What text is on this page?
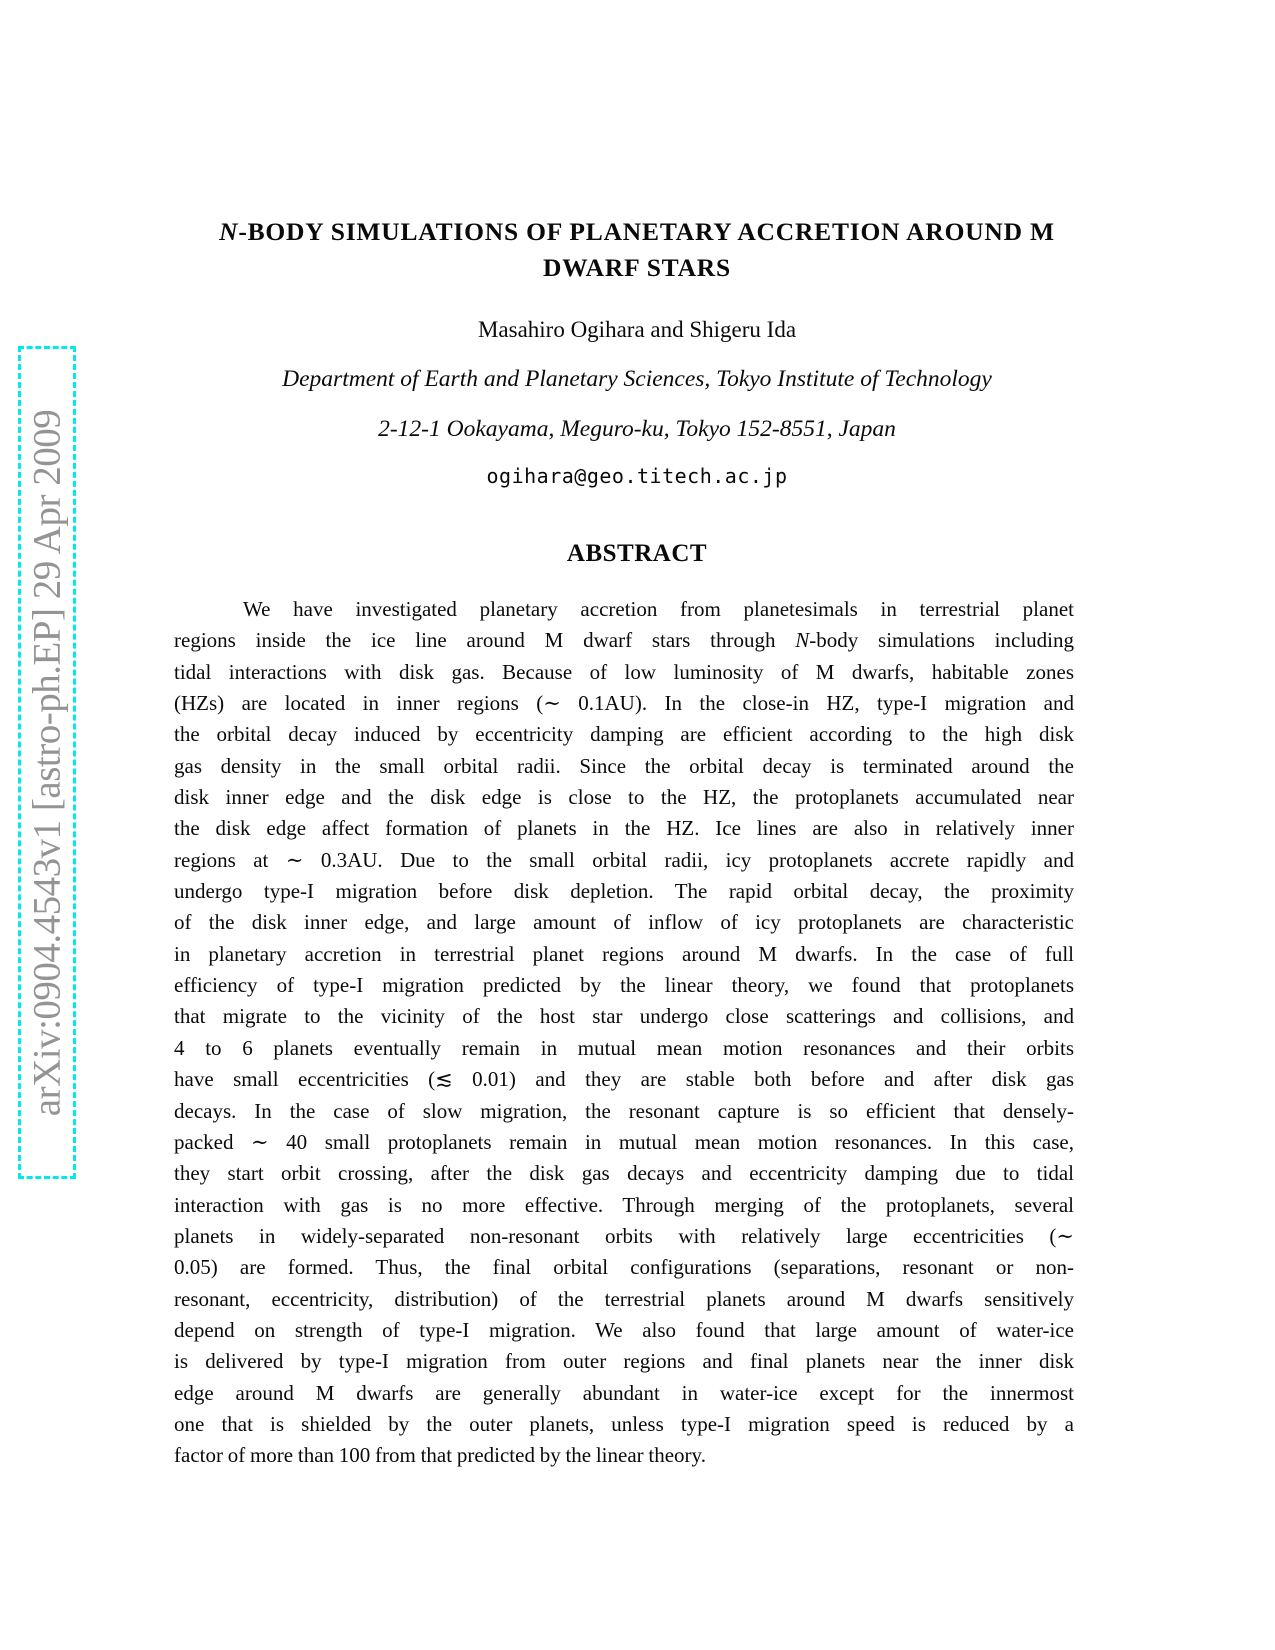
arXiv:0904.4543v1 [astro-ph.EP] 29 Apr 2009
N-BODY SIMULATIONS OF PLANETARY ACCRETION AROUND M
DWARF STARS
Masahiro Ogihara and Shigeru Ida
Department of Earth and Planetary Sciences, Tokyo Institute of Technology
2-12-1 Ookayama, Meguro-ku, Tokyo 152-8551, Japan
ogihara@geo.titech.ac.jp
ABSTRACT
We have investigated planetary accretion from planetesimals in terrestrial planet
regions inside the ice line around M dwarf stars through N-body simulations including
tidal interactions with disk gas. Because of low luminosity of M dwarfs, habitable zones
(HZs) are located in inner regions (∼ 0.1AU). In the close-in HZ, type-I migration and
the orbital decay induced by eccentricity damping are efficient according to the high disk
gas density in the small orbital radii. Since the orbital decay is terminated around the
disk inner edge and the disk edge is close to the HZ, the protoplanets accumulated near
the disk edge affect formation of planets in the HZ. Ice lines are also in relatively inner
regions at ∼ 0.3AU. Due to the small orbital radii, icy protoplanets accrete rapidly and
undergo type-I migration before disk depletion. The rapid orbital decay, the proximity
of the disk inner edge, and large amount of inflow of icy protoplanets are characteristic
in planetary accretion in terrestrial planet regions around M dwarfs. In the case of full
efficiency of type-I migration predicted by the linear theory, we found that protoplanets
that migrate to the vicinity of the host star undergo close scatterings and collisions, and
4 to 6 planets eventually remain in mutual mean motion resonances and their orbits
have small eccentricities (≲ 0.01) and they are stable both before and after disk gas
decays. In the case of slow migration, the resonant capture is so efficient that densely-
packed ∼ 40 small protoplanets remain in mutual mean motion resonances. In this case,
they start orbit crossing, after the disk gas decays and eccentricity damping due to tidal
interaction with gas is no more effective. Through merging of the protoplanets, several
planets in widely-separated non-resonant orbits with relatively large eccentricities (∼
0.05) are formed. Thus, the final orbital configurations (separations, resonant or non-
resonant, eccentricity, distribution) of the terrestrial planets around M dwarfs sensitively
depend on strength of type-I migration. We also found that large amount of water-ice
is delivered by type-I migration from outer regions and final planets near the inner disk
edge around M dwarfs are generally abundant in water-ice except for the innermost
one that is shielded by the outer planets, unless type-I migration speed is reduced by a
factor of more than 100 from that predicted by the linear theory.
